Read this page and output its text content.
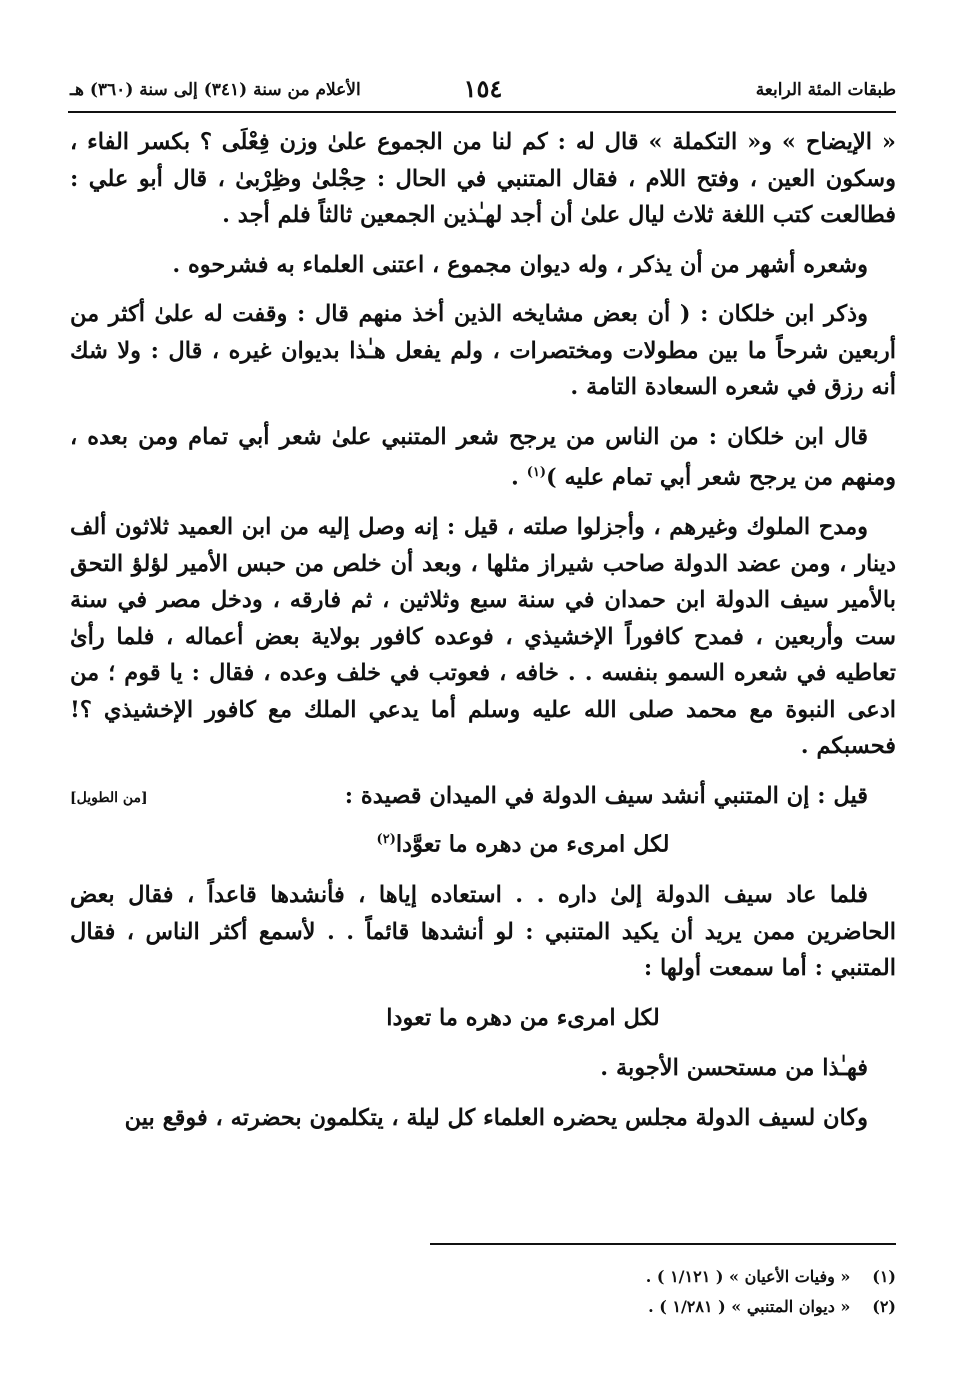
طبقات المئة الرابعة
١٥٤
الأعلام من سنة (٣٤١) إلى سنة (٣٦٠) هـ

« الإيضاح » و« التكملة » قال له : كم لنا من الجموع علىٰ وزن فِعْلَى ؟ بكسر الفاء ، وسكون العين ، وفتح اللام ، فقال المتنبي في الحال : حِجْلىٰ وظِرْبىٰ ، قال أبو علي : فطالعت كتب اللغة ثلاث ليال علىٰ أن أجد لهـٰذين الجمعين ثالثاً فلم أجد .

وشعره أشهر من أن يذكر ، وله ديوان مجموع ، اعتنى العلماء به فشرحوه .

وذكر ابن خلكان : ( أن بعض مشايخه الذين أخذ منهم قال : وقفت له علىٰ أكثر من أربعين شرحاً ما بين مطولات ومختصرات ، ولم يفعل هـٰذا بديوان غيره ، قال : ولا شك أنه رزق في شعره السعادة التامة .

قال ابن خلكان : من الناس من يرجح شعر المتنبي علىٰ شعر أبي تمام ومن بعده ، ومنهم من يرجح شعر أبي تمام عليه )$^{(١)}$ .

ومدح الملوك وغيرهم ، وأجزلوا صلته ، قيل : إنه وصل إليه من ابن العميد ثلاثون ألف دينار ، ومن عضد الدولة صاحب شيراز مثلها ، وبعد أن خلص من حبس الأمير لؤلؤ التحق بالأمير سيف الدولة ابن حمدان في سنة سبع وثلاثين ، ثم فارقه ، ودخل مصر في سنة ست وأربعين ، فمدح كافوراً الإخشيذي ، فوعده كافور بولاية بعض أعماله ، فلما رأىٰ تعاطيه في شعره السمو بنفسه . . خافه ، فعوتب في خلف وعده ، فقال : يا قوم ؛ من ادعى النبوة مع محمد صلى الله عليه وسلم أما يدعي الملك مع كافور الإخشيذي ؟! فحسبكم .

قيل : إن المتنبي أنشد سيف الدولة في الميدان قصيدة :
[من الطويل]
لكل امرىء من دهره ما تعوَّدا$^{(٢)}$

فلما عاد سيف الدولة إلىٰ داره . . استعاده إياها ، فأنشدها قاعداً ، فقال بعض الحاضرين ممن يريد أن يكيد المتنبي : لو أنشدها قائماً . . لأسمع أكثر الناس ، فقال المتنبي : أما سمعت أولها :

لكل امرىء من دهره ما تعودا

فهـٰذا من مستحسن الأجوبة .

وكان لسيف الدولة مجلس يحضره العلماء كل ليلة ، يتكلمون بحضرته ، فوقع بين

(١) « وفيات الأعيان » ( ١/١٢١ ) .
(٢) « ديوان المتنبي » ( ١/٢٨١ ) .
